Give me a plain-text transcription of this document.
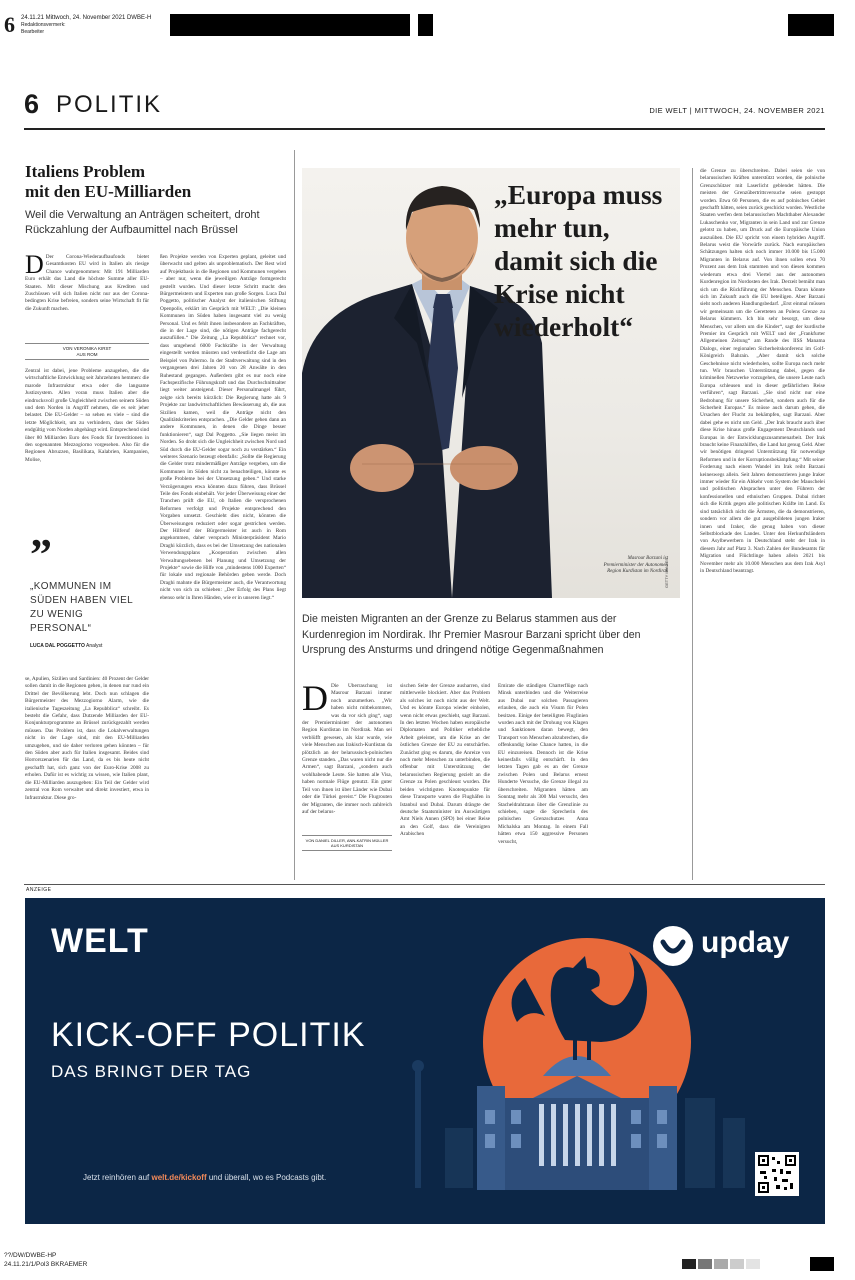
6 24.11.21 Mittwoch, 24. November 2021 DWBE-H
Redaktionsvermerk:
Bearbeiter
6 POLITIK	DIE WELT | MITTWOCH, 24. NOVEMBER 2021
Italiens Problem
mit den EU-Milliarden
Weil die Verwaltung an Anträgen scheitert, droht Rückzahlung der Aufbaumittel nach Brüssel
D Der Corona-Wiederaufbaufonds bietet Gesamtkosten EU wird in Italien als riesige Chance wahrgenommen: Mit 191 Milliarden Euro erhält das Land die höchste Summe aller EU-Staaten. Mit dieser Mischung aus Krediten und Zuschüssen will sich Italien nicht nur aus der Corona-bedingten Krise befreien, sondern seine Wirtschaft fit für die Zukunft machen.
VON VERONIKA KIRST
AUS ROM
Zentral ist dabei, jene Probleme anzugehen, die die wirtschaftliche Entwicklung seit Jahrzehnten hemmen: die marode Infrastruktur etwa oder die langsame Justizsystem. Allen voran muss Italien aber die eindrucksvoll große Ungleichheit zwischen seinem Süden und dem Norden in Angriff nehmen, die es seit jeher belastet. Die EU-Gelder – so sehen es viele – sind die letzte Möglichkeit, um zu verhindern, dass der Süden endgültig vom Norden abgehängt wird. Entsprechend sind über 80 Milliarden Euro des Fonds für Investitionen in den sogenannten Mezzogiorno vorgesehen. Also für die Regionen Abruzzen, Basilikata, Kalabrien, Kampanien, Molise,
”
„KOMMUNEN IM SÜDEN HABEN VIEL ZU WENIG PERSONAL“
LUCA DAL POGGETTO Analyst
se, Apulien, Sizilien und Sardinien: 40 Prozent der Gelder sollen damit in die Regionen gehen, in denen nur rund ein Drittel der Bevölkerung lebt. Doch nun schlagen die Bürgermeister des Mezzogiorno Alarm, wie die italienische Tageszeitung „La Repubblica“ schreibt. Es besteht die Gefahr, dass Dutzende Milliarden der EU-Konjunkturprogramme an Brüssel zurückgezahlt werden müssen. Das Problem ist, dass die Lokalverwaltungen nicht in der Lage sind, mit den EU-Milliarden umzugehen, und sie daher verloren gehen könnten – für den Süden aber auch für Italien insgesamt. Beides sind Horrorszenarien für das Land, da es bis heute nicht geschafft hat, sich ganz von der Euro-Krise 2008 zu erholen. Dafür ist es wichtig zu wissen, wie Italien plant, die EU-Milliarden auszugeben: Ein Teil der Gelder wird zentral von Rom verwaltet und direkt investiert, etwa in Infrastruktur. Diese gro-
ßen Projekte werden von Experten geplant, geleitet und überwacht und gelten als unproblematisch. Der Rest wird auf Projektbasis in die Regionen und Kommunen vergeben – aber nur, wenn die jeweiligen Anträge formgerecht gestellt wurden. Und dieser letzte Schritt macht den Bürgermeistern und Experten nun große Sorgen. Luca Dal Poggetto, politischer Analyst der italienischen Stiftung Openpolis, erklärt im Gespräch mit WELT: „Die kleinen Kommunen im Süden haben insgesamt viel zu wenig Personal. Und es fehlt ihnen insbesondere an Fachkräften, die in der Lage sind, die nötigen Anträge fachgerecht auszufüllen.“ Die Zeitung „La Repubblica“ rechnet vor, dass umgehend 6000 Fachkräfte in der Verwaltung eingestellt werden müssten und verdeutlicht die Lage am Beispiel von Palermo. In der Stadtverwaltung sind in den vergangenen drei Jahren 20 von 28 Anwälte in den Ruhestand gegangen. Außerdem gibt es nur noch eine Fachspezifische Führungskraft und das Durchschnittsalter liegt weiter ansteigend. Dieser Personalmangel führt, zeigte sich bereits kürzlich: Die Regierung hatte als 9 Projekte zur landwirtschaftlichen Bewässerung ab, die aus Sizilien kamen, weil die Anträge nicht den Qualitätskriterien entsprachen. „Die Gelder gehen dann an andere Kommunen, in denen die Dinge besser funktionieren“, sagt Dal Poggetto. „Sie liegen meist im Norden. So droht sich die Ungleichheit zwischen Nord und Süd durch die EU-Gelder sogar noch zu verstärken.“ Ein weiteres Szenario bezeugt ebenfalls: „Sollte die Regierung die Gelder trotz mindermäßiger Anträge vergeben, um die Kommunen im Süden nicht zu benachteiligen, könnte es große Probleme bei der Umsetzung geben.“ Und starke Verzögerungen etwa könnten dazu führen, dass Brüssel Teile des Fonds einbehält. Vor jeder Überweisung einer der Tranchen prüft die EU, ob Italien die versprochenen Reformen verfolgt und Projekte entsprechend den Vorgaben umsetzt. Geschieht dies nicht, könnten die Überweisungen reduziert oder sogar gestrichen werden. Der Hilferuf der Bürgermeister ist auch in Rom angekommen, daher versprach Ministerpräsident Mario Draghi kürzlich, dass es bei der Umsetzung des nationalen Verwendungsplans „Kooperation zwischen allen Verwaltungsebenen bei Planung und Umsetzung der Projekte“ sowie die Hilfe von „mindestens 1000 Experten“ für lokale und regionale Behörden geben werde. Doch Draghi mahnte die Bürgermeister auch, die Verantwortung nicht von sich zu schieben: „Der Erfolg des Plans liegt ebenso sehr in Ihren Händen, wie er in unseren liegt.“
„Europa muss mehr tun, damit sich die Krise nicht wiederholt“
Masrour Barzani ist Premierminister der Autonomen Region Kurdistan im Nordirak
GETTY IMAGES
Die meisten Migranten an der Grenze zu Belarus stammen aus der Kurdenregion im Nordirak. Ihr Premier Masrour Barzani spricht über den Ursprung des Ansturms und dringend nötige Gegenmaßnahmen
D Die Überraschung ist Masrour Barzani immer noch anzumerken. „Wir haben nicht mitbekommen, was da vor sich ging“, sagt der Premierminister der autonomen Region Kurdistan im Nordirak. Man sei verblüfft gewesen, als klar wurde, wie viele Menschen aus Irakisch-Kurdistan da plötzlich an der belarussisch-polnischen Grenze standen. „Das waren nicht nur die Armen“, sagt Barzani, „sondern auch wohlhabende Leute. Sie hatten alle Visa, haben normale Flüge genutzt. Ein guter Teil von ihnen ist über Länder wie Dubai oder die Türkei gereist.“ Die Flugrouten der Migranten, die immer noch zahlreich auf der belarus-
VON DANIEL DILLER, ANN-KATRIN MÜLLER
AUS KURDISTAN
sischen Seite der Grenze ausharren, sind mittlerweile blockiert. Aber das Problem als solches ist noch nicht aus der Welt. Und es könnte Europa wieder einholen, wenn nicht etwas geschieht, sagt Barzani. In den letzten Wochen haben europäische Diplomaten und Politiker erhebliche Arbeit geleistet, um die Krise an der östlichen Grenze der EU zu entschärfen. Zunächst ging es darum, die Anreize von noch mehr Menschen zu unterbinden, die offenbar mit Unterstützung der belarussischen Regierung gezielt an die Grenze zu Polen geschleust wurden. Die beiden wichtigsten Knotenpunkte für diese Transporte waren die Flughäfen in Istanbul und Dubai. Darum drängte der deutsche Staatsminister im Auswärtigen Amt Niels Annen (SPD) bei einer Reise an den Golf, dass die Vereinigten Arabischen
Emirate die ständigen Charterflüge nach Minsk unterbinden und die Weiterreise aus Dubai nur solchen Passagieren erlauben, die auch ein Visum für Polen besitzen. Einige der beteiligten Fluglinien wurden auch mit der Drohung von Klagen und Sanktionen daran bewegt, den Transport von Menschen abzubrechen, die offenkundig keine Chance hatten, in die EU einzureisen. Dennoch ist die Krise keinesfalls völlig entschärft. In den letzten Tagen gab es an der Grenze zwischen Polen und Belarus erneut Hunderte Versuche, die Grenze illegal zu überschreiten. Migranten hätten am Sonntag mehr als 300 Mal versucht, den Stacheldrahtzaun über die Grenzlinie zu schieben, sagte die Sprecherin des polnischen Grenzschutzes Anna Michalska am Montag. In einem Fall hätten etwa 150 aggressive Personen versucht,
die Grenze zu überschreiten. Dabei seien sie von belarussischen Kräften unterstützt worden, die polnische Grenzschützer mit Laserlicht geblendet hätten. Die meisten der Grenzübertrittsversuche seien gestoppt worden. Etwa 60 Personen, die es auf polnisches Gebiet geschafft hätten, seien zurück geschickt worden. Westliche Staaten werfen dem belarussischen Machthaber Alexander Lukaschenko vor, Migranten in sein Land und zur Grenze gelotst zu haben, um Druck auf die Europäische Union auszuüben. Die EU spricht von einem hybriden Angriff. Belarus weist die Vorwürfe zurück. Nach europäischen Schätzungen halten sich noch immer 10.000 bis 15.000 Migranten in Belarus auf. Von ihnen sollen etwa 70 Prozent aus dem Irak stammen und von diesen kommen wiederum etwa drei Viertel aus der autonomen Kurdenregion im Nordosten des Irak. Derzeit bemüht man sich um die Rückführung der Menschen. Daran könnte sich im Zukunft auch die EU beteiligen. Aber Barzani sieht noch anderen Handlungsbedarf. „Erst einmal müssen wir gemeinsam um die Geretteten an Polens Grenze zu Belarus kümmern. Ich bin sehr besorgt, um diese Menschen, vor allem um die Kinder“, sagt der kurdische Premier im Gespräch mit WELT und der „Frankfurter Allgemeinen Zeitung“ am Rande des IISS Manama Dialogs, einer regionalen Sicherheitskonferenz im Golf-Königreich Bahrain. „Aber damit sich solche Geschehnisse nicht wiederholen, sollte Europa noch mehr tun. Wir brauchen Unterstützung dabei, gegen die kriminellen Netzwerke vorzugehen, die unsere Leute nach Europa schleusen und in dieser gefährlichen Reise verführen“, sagt Barzani. „Sie sind nicht nur eine Bedrohung für unsere Sicherheit, sondern auch für die Sicherheit Europas.“ Es müsse auch darum gehen, die Ursachen der Flucht zu bekämpfen, sagt Barzani. Aber dabei gehe es nicht um Geld. „Der Irak braucht auch über diese Krise hinaus große Engagement Deutschlands und Europas in der Entwicklungszusammenarbeit. Der Irak braucht keine Finanzhilfen, die Land hat genug Geld. Aber wir benötigen dringend Unterstützung für notwendige Reformen und in der Korruptionsbekämpfung.“ Mit seiner Forderung nach einem Wandel im Irak reiht Barzani keineswegs allein. Seit Jahren demonstrieren junge Iraker immer wieder für ein Abkehr vom System der Mauschelei und politischen Absprachen unter den Führern der konfessionellen und ethnischen Gruppen. Dubai richtet sich die Kritik gegen alle politischen Kräfte im Land. Es sind tatsächlich nicht die Ärmsten, die da demonstrieren, sondern vor allem die gut ausgebildeten jungen Iraker innen und Iraker, die genug haben von dieser Selbstblockade des Landes. Unter den Herkunftsländern von Asylbewerbern in Deutschland steht der Irak in diesem Jahr auf Platz 3. Nach Zahlen der Bundesamts für Migration und Flüchtlinge haben allein 2021 bis November mehr als 10.000 Menschen aus dem Irak Asyl in Deutschland beantragt.
ANZEIGE
WELT	upday
KICK-OFF POLITIK
DAS BRINGT DER TAG
Jetzt reinhören auf welt.de/kickoff und überall, wo es Podcasts gibt.
??/DW/DWBE-HP
24.11.21/1/Pol3 BKRAEMER
